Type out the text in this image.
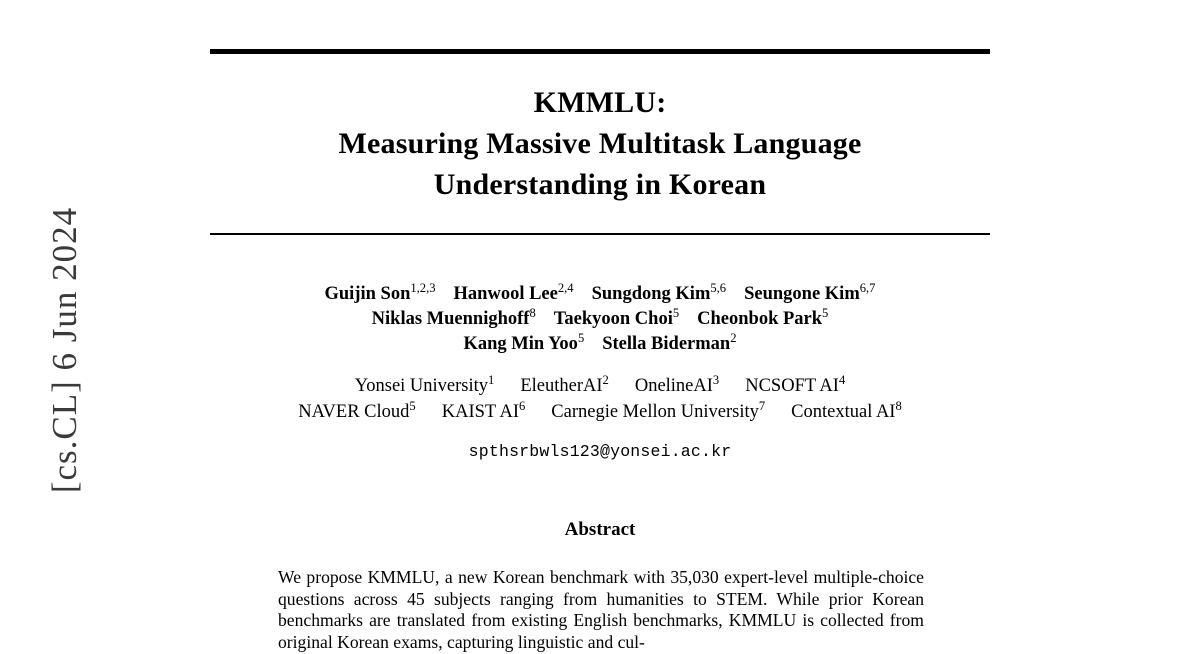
[cs.CL] 6 Jun 2024
KMMLU:
Measuring Massive Multitask Language
Understanding in Korean
Guijin Son$^{1,2,3}$ Hanwool Lee$^{2,4}$ Sungdong Kim$^{5,6}$ Seungone Kim$^{6,7}$
Niklas Muennighoff$^8$ Taekyoon Choi$^5$ Cheonbok Park$^5$
Kang Min Yoo$^5$ Stella Biderman$^2$
Yonsei University$^1$ EleutherAI$^2$ OnelineAI$^3$ NCSOFT $AI^4$
NAVER Cloud$^5$ KAIST $AI^6$ Carnegie Mellon University$^7$ Contextual $AI^8$
spthsrbwls123@yonsei.ac.kr
Abstract

We propose KMMLU, a new Korean benchmark with 35,030 expert-level multiple-choice questions across 45 subjects ranging from humanities to STEM. While prior Korean benchmarks are translated from existing English benchmarks, KMMLU is collected from original Korean exams, capturing linguistic and cul-
